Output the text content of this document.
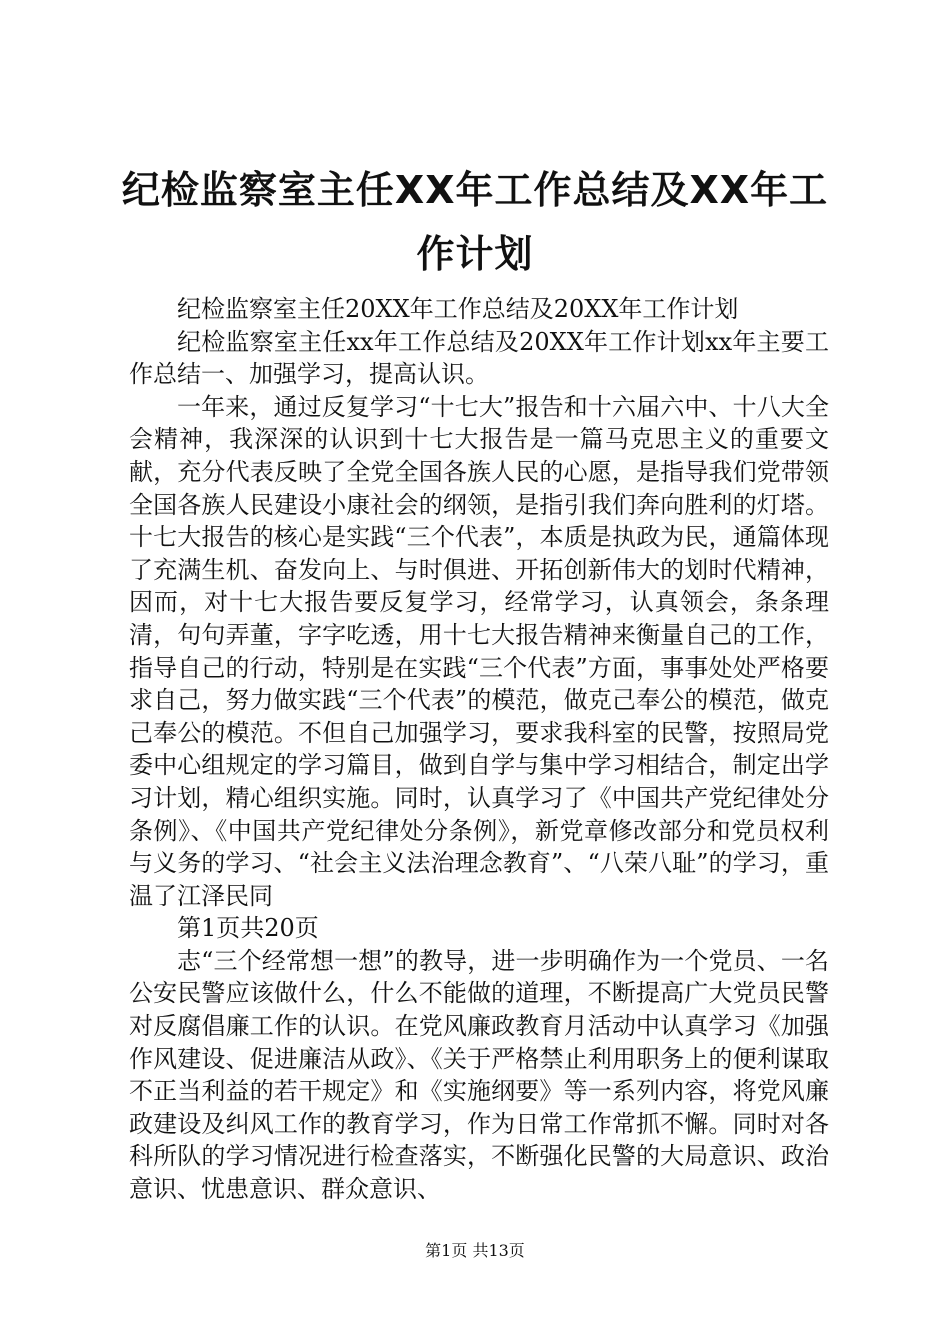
纪检监察室主任XX年工作总结及XX年工作计划

纪检监察室主任20XX年工作总结及20XX年工作计划

纪检监察室主任xx年工作总结及20XX年工作计划xx年主要工作总结一、加强学习，提高认识。

一年来，通过反复学习“十七大”报告和十六届六中、十八大全会精神，我深深的认识到十七大报告是一篇马克思主义的重要文献，充分代表反映了全党全国各族人民的心愿，是指导我们党带领全国各族人民建设小康社会的纲领，是指引我们奔向胜利的灯塔。十七大报告的核心是实践“三个代表”，本质是执政为民，通篇体现了充满生机、奋发向上、与时俱进、开拓创新伟大的划时代精神，因而，对十七大报告要反复学习，经常学习，认真领会，条条理清，句句弄董，字字吃透，用十七大报告精神来衡量自己的工作，指导自己的行动，特别是在实践“三个代表”方面，事事处处严格要求自己，努力做实践“三个代表”的模范，做克己奉公的模范，做克己奉公的模范。不但自己加强学习，要求我科室的民警，按照局党委中心组规定的学习篇目，做到自学与集中学习相结合，制定出学习计划，精心组织实施。同时，认真学习了《中国共产党纪律处分条例》、《中国共产党纪律处分条例》，新党章修改部分和党员权利与义务的学习、“社会主义法治理念教育”、“八荣八耻”的学习，重温了江泽民同

第1页共20页

志“三个经常想一想”的教导，进一步明确作为一个党员、一名公安民警应该做什么，什么不能做的道理，不断提高广大党员民警对反腐倡廉工作的认识。在党风廉政教育月活动中认真学习《加强作风建设、促进廉洁从政》、《关于严格禁止利用职务上的便利谋取不正当利益的若干规定》和《实施纲要》等一系列内容，将党风廉政建设及纠风工作的教育学习，作为日常工作常抓不懈。同时对各科所队的学习情况进行检查落实，不断强化民警的大局意识、政治意识、忧患意识、群众意识、

第1页 共13页
